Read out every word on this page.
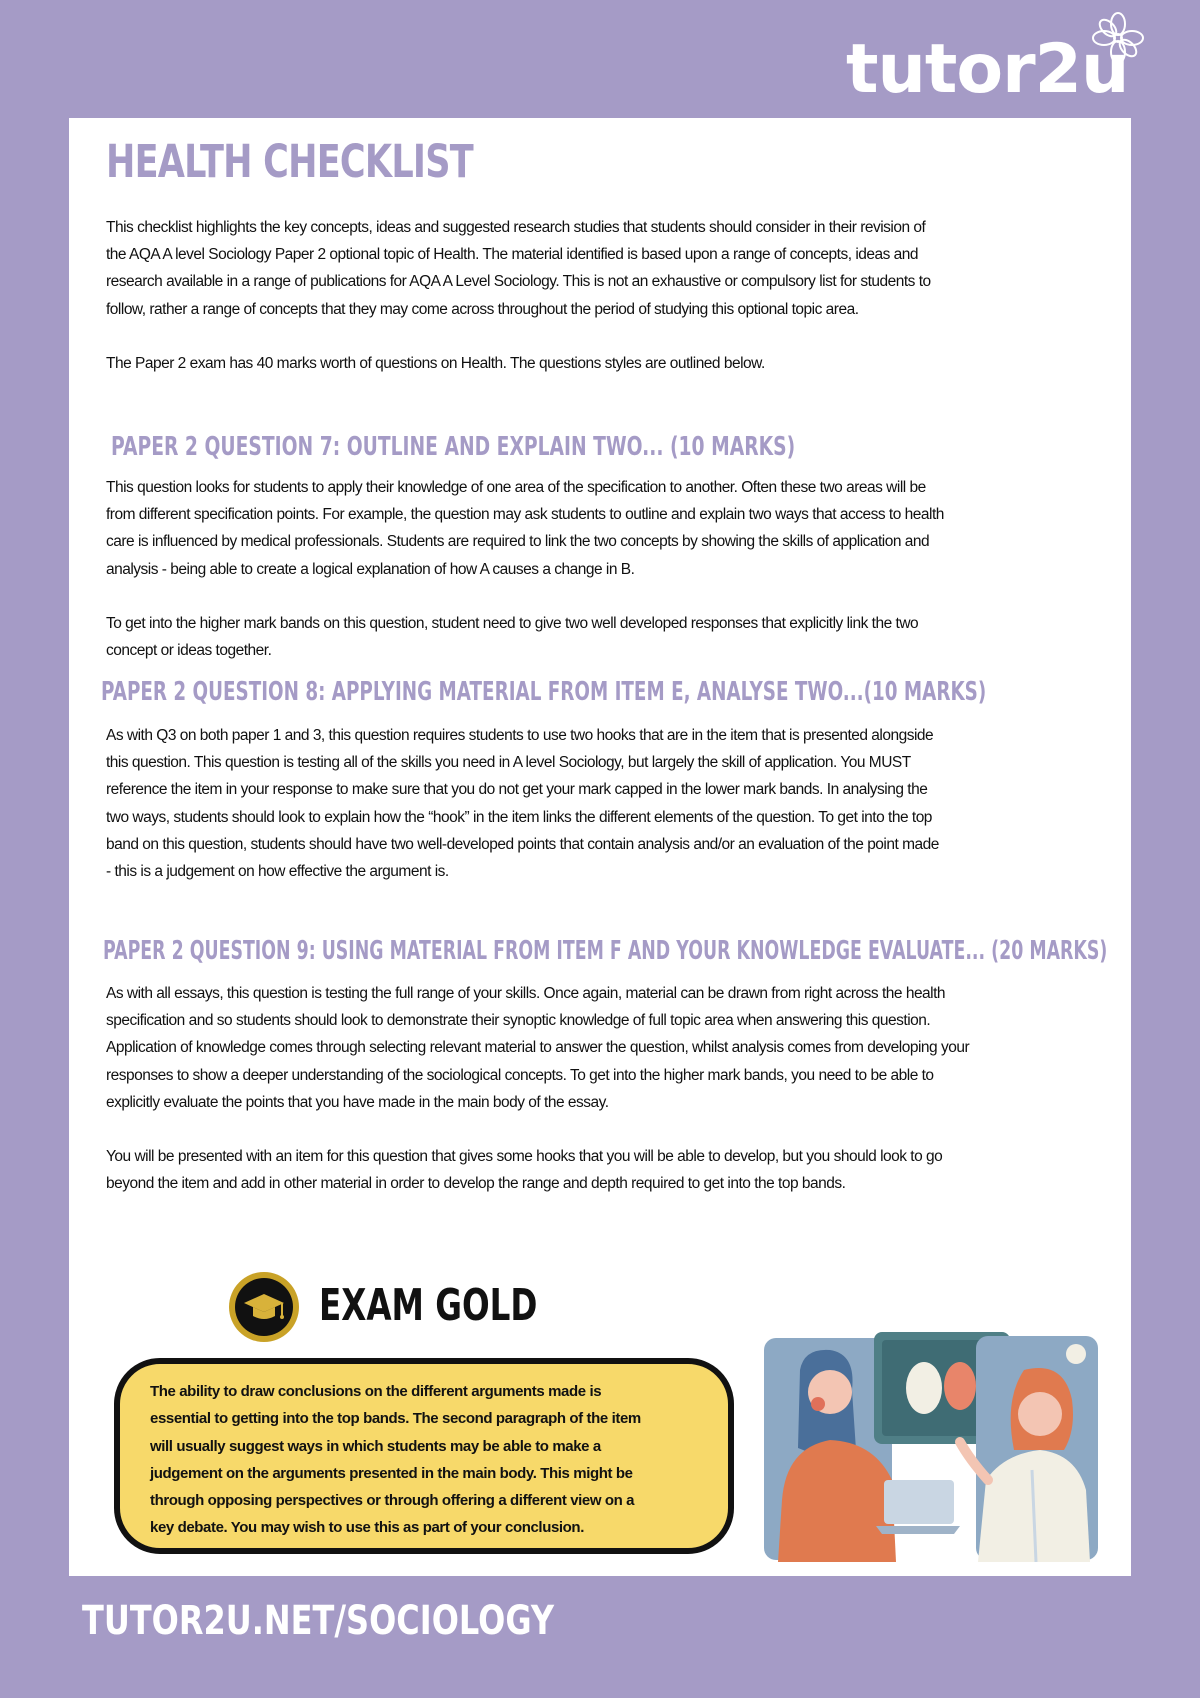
tutor2u
HEALTH CHECKLIST

This checklist highlights the key concepts, ideas and suggested research studies that students should consider in their revision of
the AQA A level Sociology Paper 2 optional topic of Health. The material identified is based upon a range of concepts, ideas and
research available in a range of publications for AQA A Level Sociology. This is not an exhaustive or compulsory list for students to
follow, rather a range of concepts that they may come across throughout the period of studying this optional topic area.

The Paper 2 exam has 40 marks worth of questions on Health. The questions styles are outlined below.

PAPER 2 QUESTION 7: OUTLINE AND EXPLAIN TWO... (10 MARKS)

This question looks for students to apply their knowledge of one area of the specification to another. Often these two areas will be
from different specification points. For example, the question may ask students to outline and explain two ways that access to health
care is influenced by medical professionals. Students are required to link the two concepts by showing the skills of application and
analysis - being able to create a logical explanation of how A causes a change in B.

To get into the higher mark bands on this question, student need to give two well developed responses that explicitly link the two
concept or ideas together.

PAPER 2 QUESTION 8: APPLYING MATERIAL FROM ITEM E, ANALYSE TWO...(10 MARKS)

As with Q3 on both paper 1 and 3, this question requires students to use two hooks that are in the item that is presented alongside
this question. This question is testing all of the skills you need in A level Sociology, but largely the skill of application. You MUST
reference the item in your response to make sure that you do not get your mark capped in the lower mark bands. In analysing the
two ways, students should look to explain how the “hook” in the item links the different elements of the question. To get into the top
band on this question, students should have two well-developed points that contain analysis and/or an evaluation of the point made
- this is a judgement on how effective the argument is.

PAPER 2 QUESTION 9: USING MATERIAL FROM ITEM F AND YOUR KNOWLEDGE EVALUATE... (20 MARKS)

As with all essays, this question is testing the full range of your skills. Once again, material can be drawn from right across the health
specification and so students should look to demonstrate their synoptic knowledge of full topic area when answering this question.
Application of knowledge comes through selecting relevant material to answer the question, whilst analysis comes from developing your
responses to show a deeper understanding of the sociological concepts. To get into the higher mark bands, you need to be able to
explicitly evaluate the points that you have made in the main body of the essay.

You will be presented with an item for this question that gives some hooks that you will be able to develop, but you should look to go
beyond the item and add in other material in order to develop the range and depth required to get into the top bands.

EXAM GOLD

The ability to draw conclusions on the different arguments made is
essential to getting into the top bands. The second paragraph of the item
will usually suggest ways in which students may be able to make a
judgement on the arguments presented in the main body. This might be
through opposing perspectives or through offering a different view on a
key debate. You may wish to use this as part of your conclusion.

TUTOR2U.NET/SOCIOLOGY
